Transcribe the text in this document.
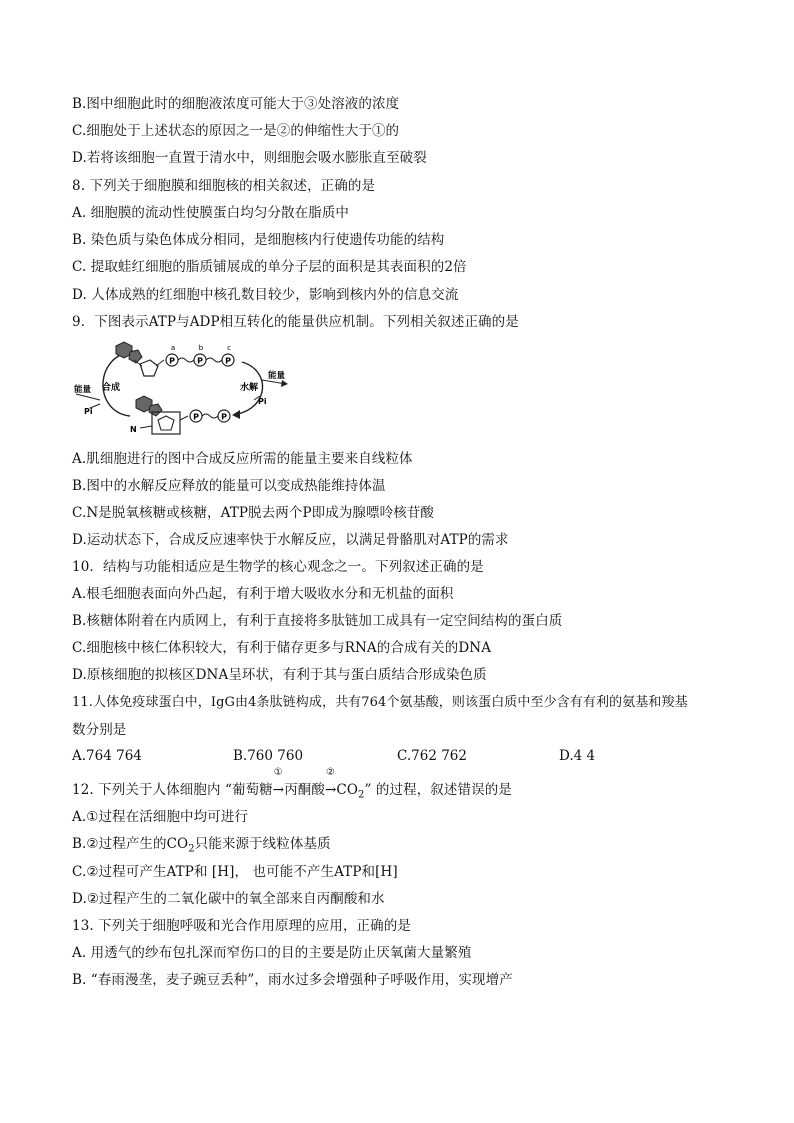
B.图中细胞此时的细胞液浓度可能大于③处溶液的浓度
C.细胞处于上述状态的原因之一是②的伸缩性大于①的
D.若将该细胞一直置于清水中，则细胞会吸水膨胀直至破裂
8. 下列关于细胞膜和细胞核的相关叙述，正确的是
A. 细胞膜的流动性使膜蛋白均匀分散在脂质中
B. 染色质与染色体成分相同，是细胞核内行使遗传功能的结构
C. 提取蛙红细胞的脂质铺展成的单分子层的面积是其表面积的2倍
D. 人体成熟的红细胞中核孔数目较少，影响到核内外的信息交流
9．下图表示ATP与ADP相互转化的能量供应机制。下列相关叙述正确的是
P	P	P
a	b	c
P	P
能量 合成
Pi
水解
能量
Pi
N
A.肌细胞进行的图中合成反应所需的能量主要来自线粒体
B.图中的水解反应释放的能量可以变成热能维持体温
C.N是脱氧核糖或核糖，ATP脱去两个P即成为腺嘌呤核苷酸
D.运动状态下，合成反应速率快于水解反应，以满足骨骼肌对ATP的需求
10．结构与功能相适应是生物学的核心观念之一。下列叙述正确的是
A.根毛细胞表面向外凸起，有利于增大吸收水分和无机盐的面积
B.核糖体附着在内质网上，有利于直接将多肽链加工成具有一定空间结构的蛋白质
C.细胞核中核仁体积较大，有利于储存更多与RNA的合成有关的DNA
D.原核细胞的拟核区DNA呈环状，有利于其与蛋白质结合形成染色质
11.人体免疫球蛋白中，IgG由4条肽链构成，共有764个氨基酸，则该蛋白质中至少含有有利的氨基和羧基
数分别是
A.764 764	B.760 760	C.762 762	D.4 4
12. 下列关于人体细胞内 “葡萄糖
①
→丙酮酸
②
$\to CO_2$” 的过程，叙述错误的是
A.①过程在活细胞中均可进行
B.②过程产生的$CO_2$只能来源于线粒体基质
C.②过程可产生ATP和 [H]， 也可能不产生ATP和[H]
D.②过程产生的二氧化碳中的氧全部来自丙酮酸和水
13. 下列关于细胞呼吸和光合作用原理的应用，正确的是
A. 用透气的纱布包扎深而窄伤口的目的主要是防止厌氧菌大量繁殖
B. “春雨漫垄，麦子豌豆丢种”，雨水过多会增强种子呼吸作用，实现增产
